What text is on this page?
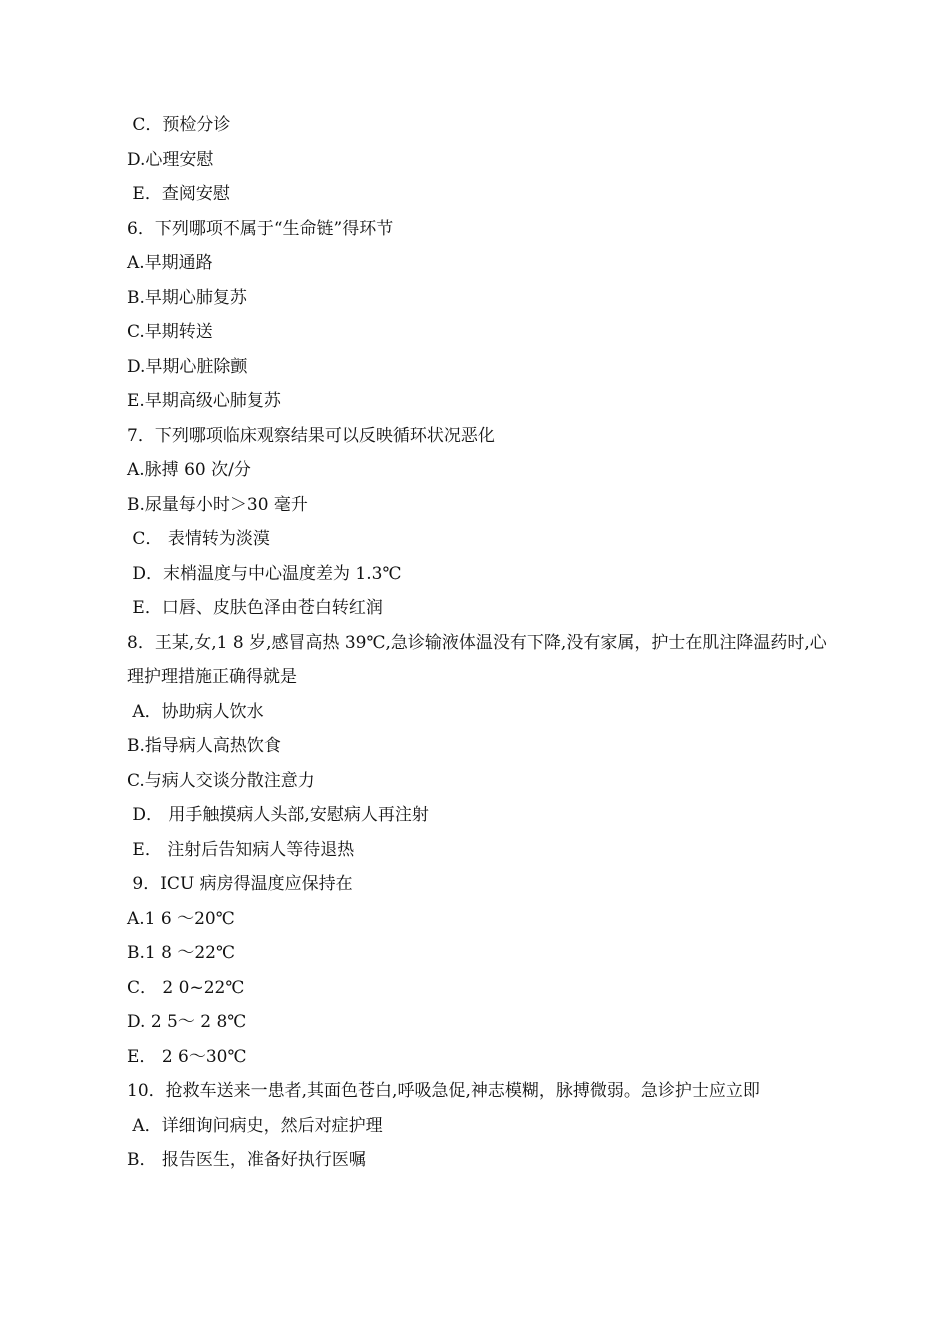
C．预检分诊
D.心理安慰
E．查阅安慰
6．下列哪项不属于“生命链”得环节
A.早期通路
B.早期心肺复苏
C.早期转送
D.早期心脏除颤
E.早期高级心肺复苏
7．下列哪项临床观察结果可以反映循环状况恶化
A.脉搏 60 次/分
B.尿量每小时＞30 毫升
C． 表情转为淡漠
D．末梢温度与中心温度差为 1.3℃
E．口唇、皮肤色泽由苍白转红润
8．王某,女,1 8 岁,感冒高热 39℃,急诊输液体温没有下降,没有家属，护士在肌注降温药时,心理护理措施正确得就是
A．协助病人饮水
B.指导病人高热饮食
C.与病人交谈分散注意力
D． 用手触摸病人头部,安慰病人再注射
E． 注射后告知病人等待退热
9．ICU 病房得温度应保持在
A.1 6 ～20℃
B.1 8 ～22℃
C． 2 0~22℃
D. 2 5～ 2 8℃
E． 2 6～30℃
10．抢救车送来一患者,其面色苍白,呼吸急促,神志模糊，脉搏微弱。急诊护士应立即
A．详细询问病史，然后对症护理
B． 报告医生，准备好执行医嘱
